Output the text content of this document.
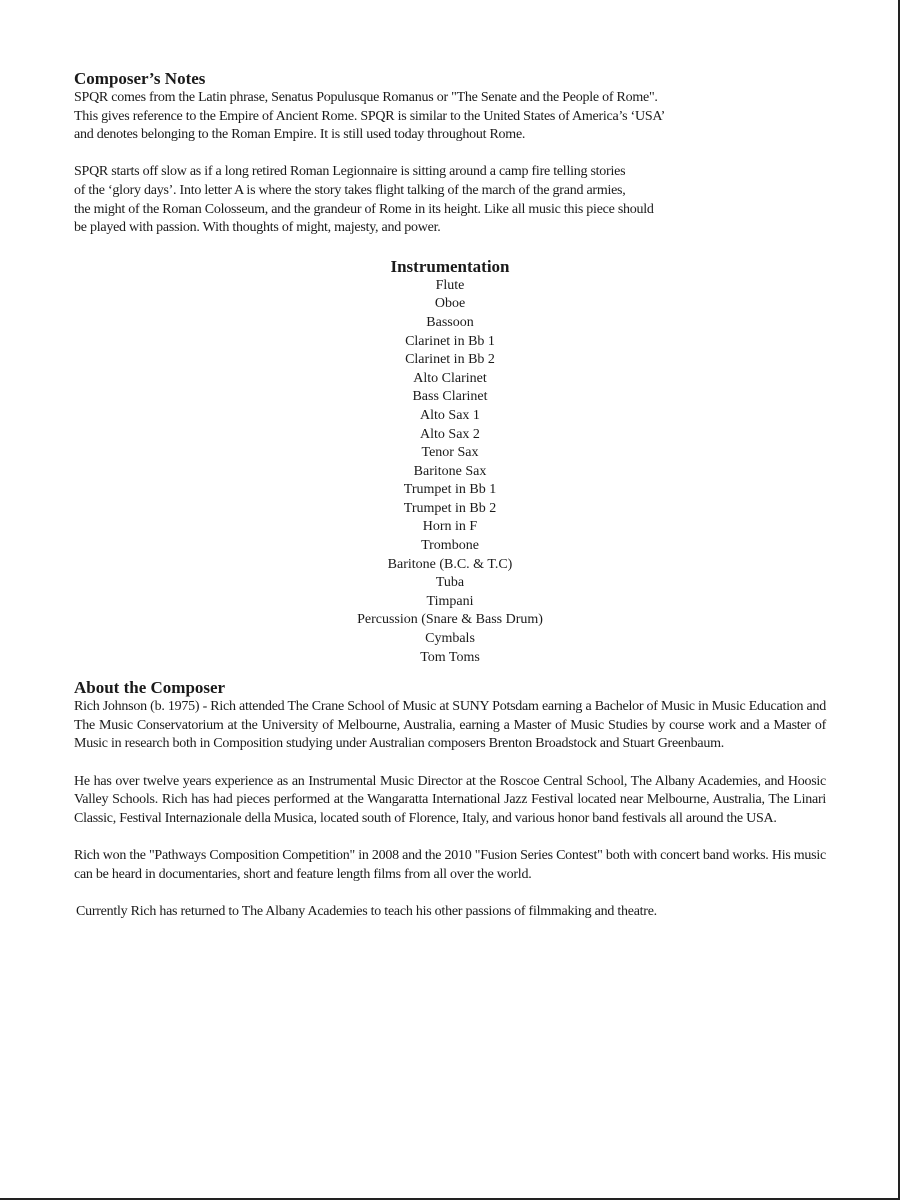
Composer’s Notes

SPQR comes from the Latin phrase, Senatus Populusque Romanus or "The Senate and the People of Rome".
This gives reference to the Empire of Ancient Rome. SPQR is similar to the United States of America’s ‘USA’
and denotes belonging to the Roman Empire. It is still used today throughout Rome.

SPQR starts off slow as if a long retired Roman Legionnaire is sitting around a camp fire telling stories
of the ‘glory days’. Into letter A is where the story takes flight talking of the march of the grand armies,
the might of the Roman Colosseum, and the grandeur of Rome in its height. Like all music this piece should
be played with passion. With thoughts of might, majesty, and power.

Instrumentation
Flute
Oboe
Bassoon
Clarinet in Bb 1
Clarinet in Bb 2
Alto Clarinet
Bass Clarinet
Alto Sax 1
Alto Sax 2
Tenor Sax
Baritone Sax
Trumpet in Bb 1
Trumpet in Bb 2
Horn in F
Trombone
Baritone (B.C. & T.C)
Tuba
Timpani
Percussion (Snare & Bass Drum)
Cymbals
Tom Toms
About the Composer

Rich Johnson (b. 1975) - Rich attended The Crane School of Music at SUNY Potsdam earning a Bachelor of Music in Music Education and The Music Conservatorium at the University of Melbourne, Australia, earning a Master of Music Studies by course work and a Master of Music in research both in Composition studying under Australian composers Brenton Broadstock and Stuart Greenbaum.

He has over twelve years experience as an Instrumental Music Director at the Roscoe Central School, The Albany Academies, and Hoosic Valley Schools. Rich has had pieces performed at the Wangaratta International Jazz Festival located near Melbourne, Australia, The Linari Classic, Festival Internazionale della Musica, located south of Florence, Italy, and various honor band festivals all around the USA.

Rich won the "Pathways Composition Competition" in 2008 and the 2010 "Fusion Series Contest" both with concert band works. His music can be heard in documentaries, short and feature length films from all over the world.

Currently Rich has returned to The Albany Academies to teach his other passions of filmmaking and theatre.
